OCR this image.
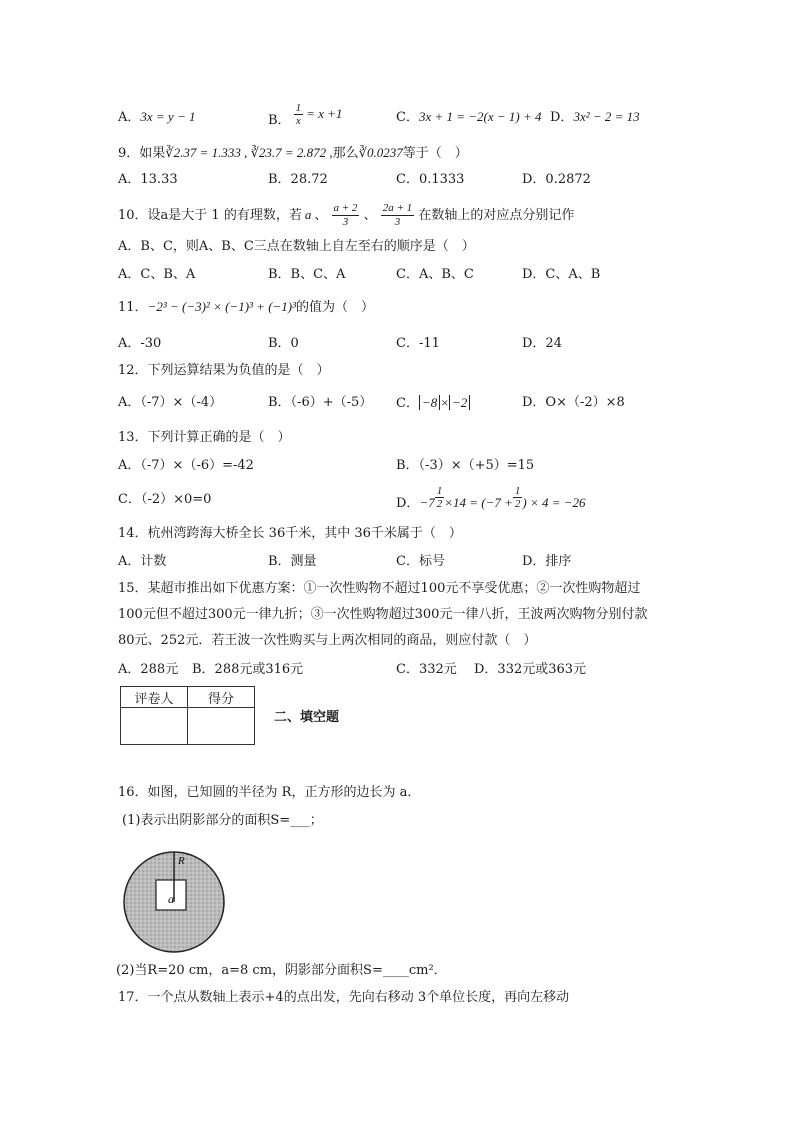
A．3x = y − 1	B． $\frac{1}{x} = x +1$	C．3x + 1 = −2(x − 1) + 4 D．3x² − 2 = 13
9．如果∛2.37 = 1.333 , ∛23.7 = 2.872 ,那么∛0.0237等于（　）
A．13.33	B．28.72	C．0.1333	D．0.2872
10．设a是大于 1 的有理数，若 a 、 $\frac{a + 2}{3}$ 、 $\frac{2a + 1}{3}$ 在数轴上的对应点分别记作
A．B、C，则A、B、C三点在数轴上自左至右的顺序是（　）
A．C、B、A	B．B、C、A	C．A、B、C	D．C、A、B
11．−2³ − (−3)² × (−1)³ + (−1)³的值为（　）
A．-30	B．0	C．-11	D．24
12．下列运算结果为负值的是（　）
A．（-7）×（-4）	B．（-6）+（-5） C． −8 × −2	D．O×（-2）×8
13．下列计算正确的是（　）
A．（-7）×（-6）=-42	B．（-3）×（+5）=15
C．（-2）×0=0	D．$-7 \frac{1}{2} \times 14 = (-7 + \frac{1}{2}$ ) × 4 = −26
14．杭州湾跨海大桥全长 36千米，其中 36千米属于（　）
A．计数	B．测量	C．标号	D．排序
15．某超市推出如下优惠方案：①一次性购物不超过100元不享受优惠；②一次性购物超过
100元但不超过300元一律九折；③一次性购物超过300元一律八折，王波两次购物分别付款
80元、252元．若王波一次性购买与上两次相同的商品，则应付款（　）
A．288元 B．288元或316元	C．332元 D．332元或363元
评卷人	得分

二、填空题
16．如图，已知圆的半径为 R，正方形的边长为 a．
(1)表示出阴影部分的面积S=___；
R
a
(2)当R=20 cm，a=8 cm，阴影部分面积S=____cm²．
17．一个点从数轴上表示+4的点出发，先向右移动 3个单位长度，再向左移动
